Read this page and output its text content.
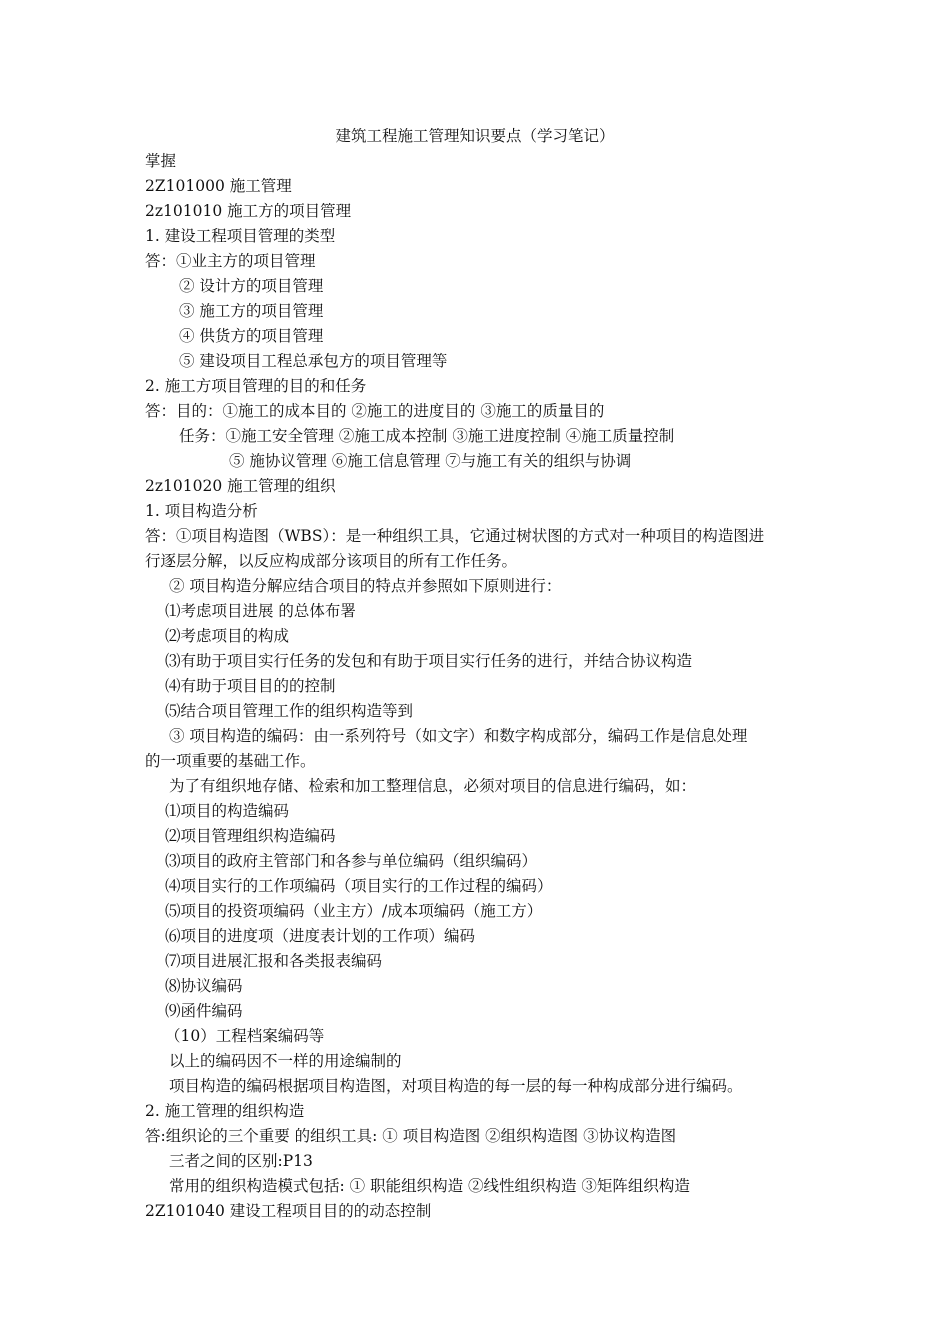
建筑工程施工管理知识要点（学习笔记）
掌握
2Z101000 施工管理
2z101010 施工方的项目管理
1. 建设工程项目管理的类型
答：①业主方的项目管理
② 设计方的项目管理
③ 施工方的项目管理
④ 供货方的项目管理
⑤ 建设项目工程总承包方的项目管理等
2. 施工方项目管理的目的和任务
答：目的：①施工的成本目的 ②施工的进度目的 ③施工的质量目的
任务：①施工安全管理 ②施工成本控制 ③施工进度控制 ④施工质量控制
⑤ 施协议管理 ⑥施工信息管理 ⑦与施工有关的组织与协调
2z101020 施工管理的组织
1. 项目构造分析
答：①项目构造图（WBS）：是一种组织工具，它通过树状图的方式对一种项目的构造图进
行逐层分解，以反应构成部分该项目的所有工作任务。
② 项目构造分解应结合项目的特点并参照如下原则进行：
⑴考虑项目进展 的总体布署
⑵考虑项目的构成
⑶有助于项目实行任务的发包和有助于项目实行任务的进行，并结合协议构造
⑷有助于项目目的的控制
⑸结合项目管理工作的组织构造等到
③ 项目构造的编码：由一系列符号（如文字）和数字构成部分，编码工作是信息处理
的一项重要的基础工作。
为了有组织地存储、检索和加工整理信息，必须对项目的信息进行编码，如：
⑴项目的构造编码
⑵项目管理组织构造编码
⑶项目的政府主管部门和各参与单位编码（组织编码）
⑷项目实行的工作项编码（项目实行的工作过程的编码）
⑸项目的投资项编码（业主方）/成本项编码（施工方）
⑹项目的进度项（进度表计划的工作项）编码
⑺项目进展汇报和各类报表编码
⑻协议编码
⑼函件编码
（10）工程档案编码等
以上的编码因不一样的用途编制的
项目构造的编码根据项目构造图，对项目构造的每一层的每一种构成部分进行编码。
2. 施工管理的组织构造
答:组织论的三个重要 的组织工具: ① 项目构造图 ②组织构造图 ③协议构造图
三者之间的区别:P13
常用的组织构造模式包括: ① 职能组织构造 ②线性组织构造 ③矩阵组织构造
2Z101040 建设工程项目目的的动态控制
